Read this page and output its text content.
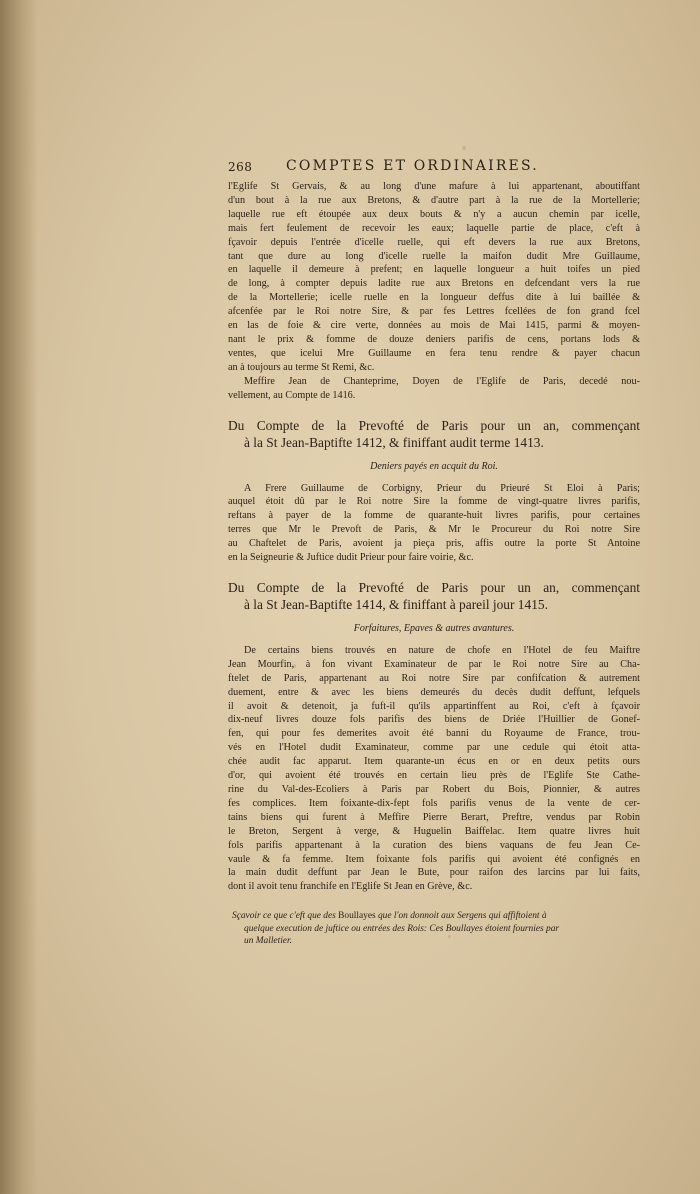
268 COMPTES ET ORDINAIRES.

l'Eglife St Gervais, & au long d'une mafure à lui appartenant, aboutiffant
d'un bout à la rue aux Bretons, & d'autre part à la rue de la Mortellerie;
laquelle rue eft étoupée aux deux bouts & n'y a aucun chemin par icelle,
mais fert feulement de recevoir les eaux; laquelle partie de place, c'eft à
fçavoir depuis l'entrée d'icelle ruelle, qui eft devers la rue aux Bretons,
tant que dure au long d'icelle ruelle la maifon dudit Mre Guillaume,
en laquelle il demeure à prefent; en laquelle longueur a huit toifes un pied
de long, à compter depuis ladite rue aux Bretons en defcendant vers la rue
de la Mortellerie; icelle ruelle en la longueur deffus dite à lui baillée &
afcenfée par le Roi notre Sire, & par fes Lettres fcellées de fon grand fcel
en las de foie & cire verte, données au mois de Mai 1415, parmi & moyen-
nant le prix & fomme de douze deniers parifis de cens, portans lods &
ventes, que icelui Mre Guillaume en fera tenu rendre & payer chacun
an à toujours au terme St Remi, &c.

Meffire Jean de Chanteprime, Doyen de l'Eglife de Paris, decedé nou-
vellement, au Compte de 1416.

Du Compte de la Prevofté de Paris pour un an, commençant
à la St Jean-Baptifte 1412, & finiffant audit terme 1413.
Deniers payés en acquit du Roi.

A Frere Guillaume de Corbigny, Prieur du Prieuré St Eloi à Paris;
auquel étoit dû par le Roi notre Sire la fomme de vingt-quatre livres parifis,
reftans à payer de la fomme de quarante-huit livres parifis, pour certaines
terres que Mr le Prevoft de Paris, & Mr le Procureur du Roi notre Sire
au Chaftelet de Paris, avoient ja pieça pris, affis outre la porte St Antoine
en la Seigneurie & Juftice dudit Prieur pour faire voirie, &c.

Du Compte de la Prevofté de Paris pour un an, commençant
à la St Jean-Baptifte 1414, & finiffant à pareil jour 1415.
Forfaitures, Epaves & autres avantures.

De certains biens trouvés en nature de chofe en l'Hotel de feu Maiftre
Jean Mourfin, à fon vivant Examinateur de par le Roi notre Sire au Cha-
ftelet de Paris, appartenant au Roi notre Sire par confifcation & autrement
duement, entre & avec les biens demeurés du decès dudit deffunt, lefquels
il avoit & detenoit, ja fuft-il qu'ils appartinffent au Roi, c'eft à fçavoir
dix-neuf livres douze fols parifis des biens de Driée l'Huillier de Gonef-
fen, qui pour fes demerites avoit été banni du Royaume de France, trou-
vés en l'Hotel dudit Examinateur, comme par une cedule qui étoit atta-
chée audit fac apparut. Item quarante-un écus en or en deux petits ours
d'or, qui avoient été trouvés en certain lieu près de l'Eglife Ste Cathe-
rine du Val-des-Ecoliers à Paris par Robert du Bois, Pionnier, & autres
fes complices. Item foixante-dix-fept fols parifis venus de la vente de cer-
tains biens qui furent à Meffire Pierre Berart, Preftre, vendus par Robin
le Breton, Sergent à verge, & Huguelin Baiffelac. Item quatre livres huit
fols parifis appartenant à la curation des biens vaquans de feu Jean Ce-
vaule & fa femme. Item foixante fols parifis qui avoient été confignés en
la main dudit deffunt par Jean le Bute, pour raifon des larcins par lui faits,
dont il avoit tenu franchife en l'Eglife St Jean en Grève, &c.

Sçavoir ce que c'eft que des Boullayes que l'on donnoit aux Sergens qui affiftoient à
quelque execution de juftice ou entrées des Rois: Ces Boullayes étoient fournies par
un Malletier.
